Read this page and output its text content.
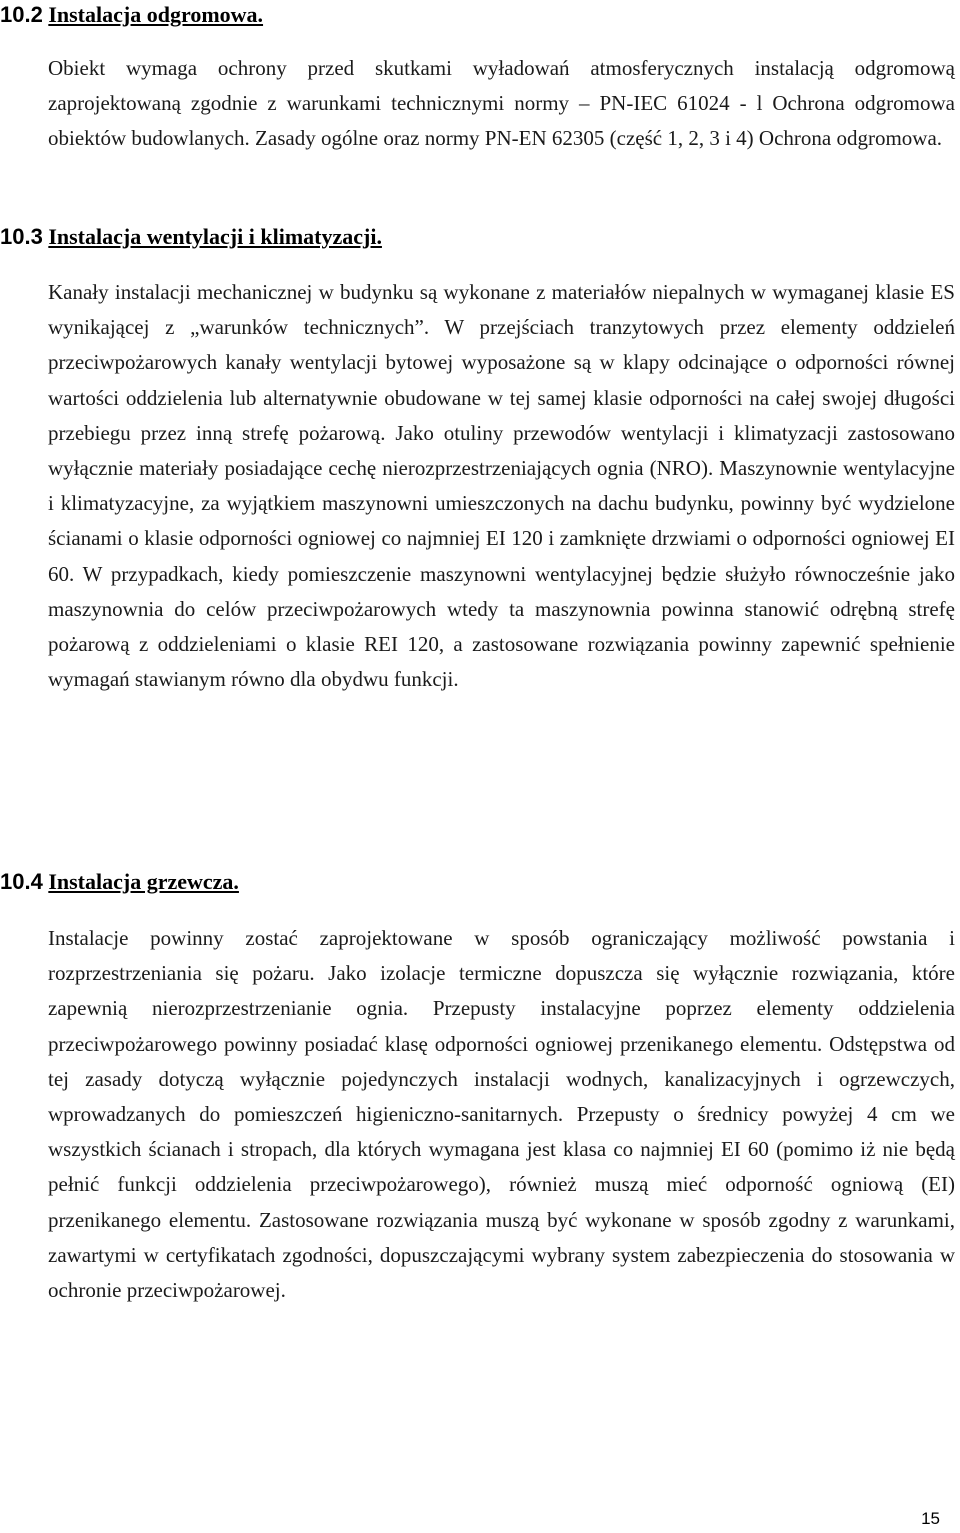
10.2 Instalacja odgromowa.
Obiekt wymaga ochrony przed skutkami wyładowań atmosferycznych instalacją odgromową zaprojektowaną zgodnie z warunkami technicznymi normy – PN-IEC 61024 - l Ochrona odgromowa obiektów budowlanych. Zasady ogólne oraz normy PN-EN 62305 (część 1, 2, 3 i 4) Ochrona odgromowa.
10.3 Instalacja wentylacji i klimatyzacji.
Kanały instalacji mechanicznej w budynku są wykonane z materiałów niepalnych w wymaganej klasie ES wynikającej z „warunków technicznych”. W przejściach tranzytowych przez elementy oddzieleń przeciwpożarowych kanały wentylacji bytowej wyposażone są w klapy odcinające o odporności równej wartości oddzielenia lub alternatywnie obudowane w tej samej klasie odporności na całej swojej długości przebiegu przez inną strefę pożarową. Jako otuliny przewodów wentylacji i klimatyzacji zastosowano wyłącznie materiały posiadające cechę nierozprzestrzeniających ognia (NRO). Maszynownie wentylacyjne i klimatyzacyjne, za wyjątkiem maszynowni umieszczonych na dachu budynku, powinny być wydzielone ścianami o klasie odporności ogniowej co najmniej EI 120 i zamknięte drzwiami o odporności ogniowej EI 60. W przypadkach, kiedy pomieszczenie maszynowni wentylacyjnej będzie służyło równocześnie jako maszynownia do celów przeciwpożarowych wtedy ta maszynownia powinna stanowić odrębną strefę pożarową z oddzieleniami o klasie REI 120, a zastosowane rozwiązania powinny zapewnić spełnienie wymagań stawianym równo dla obydwu funkcji.
10.4 Instalacja grzewcza.
Instalacje powinny zostać zaprojektowane w sposób ograniczający możliwość powstania i rozprzestrzeniania się pożaru. Jako izolacje termiczne dopuszcza się wyłącznie rozwiązania, które zapewnią nierozprzestrzenianie ognia. Przepusty instalacyjne poprzez elementy oddzielenia przeciwpożarowego powinny posiadać klasę odporności ogniowej przenikanego elementu. Odstępstwa od tej zasady dotyczą wyłącznie pojedynczych instalacji wodnych, kanalizacyjnych i ogrzewczych, wprowadzanych do pomieszczeń higieniczno-sanitarnych. Przepusty o średnicy powyżej 4 cm we wszystkich ścianach i stropach, dla których wymagana jest klasa co najmniej EI 60 (pomimo iż nie będą pełnić funkcji oddzielenia przeciwpożarowego), również muszą mieć odporność ogniową (EI) przenikanego elementu. Zastosowane rozwiązania muszą być wykonane w sposób zgodny z warunkami, zawartymi w certyfikatach zgodności, dopuszczającymi wybrany system zabezpieczenia do stosowania w ochronie przeciwpożarowej.
15
